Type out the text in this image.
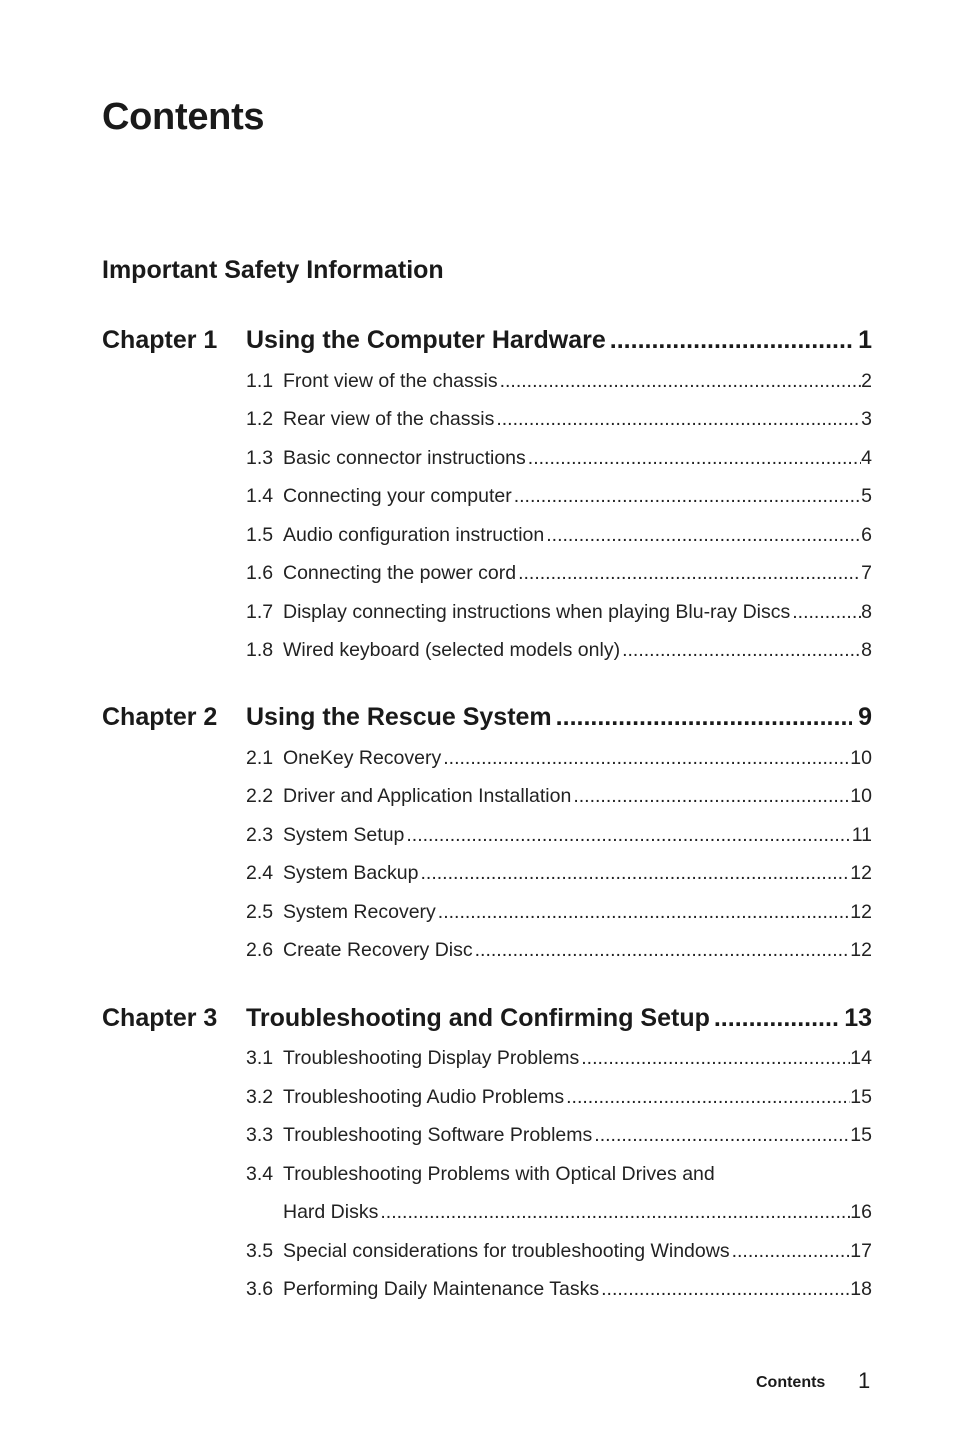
Contents
Important Safety Information
Chapter 1	Using the Computer Hardware .....	1
1.1 Front view of the chassis .....	2
1.2 Rear view of the chassis .....	3
1.3 Basic connector instructions .....	4
1.4 Connecting your computer .....	5
1.5 Audio configuration instruction .....	6
1.6 Connecting the power cord .....	7
1.7 Display connecting instructions when playing Blu-ray Discs .....	8
1.8 Wired keyboard (selected models only) .....	8
Chapter 2	Using the Rescue System .....	9
2.1 OneKey Recovery .....	10
2.2 Driver and Application Installation .....	10
2.3 System Setup .....	11
2.4 System Backup .....	12
2.5 System Recovery .....	12
2.6 Create Recovery Disc .....	12
Chapter 3	Troubleshooting and Confirming Setup .....	13
3.1 Troubleshooting Display Problems .....	14
3.2 Troubleshooting Audio Problems .....	15
3.3 Troubleshooting Software Problems .....	15
3.4 Troubleshooting Problems with Optical Drives and
Hard Disks .....	16
3.5 Special considerations for troubleshooting Windows .....	17
3.6 Performing Daily Maintenance Tasks .....	18
Contents 1
